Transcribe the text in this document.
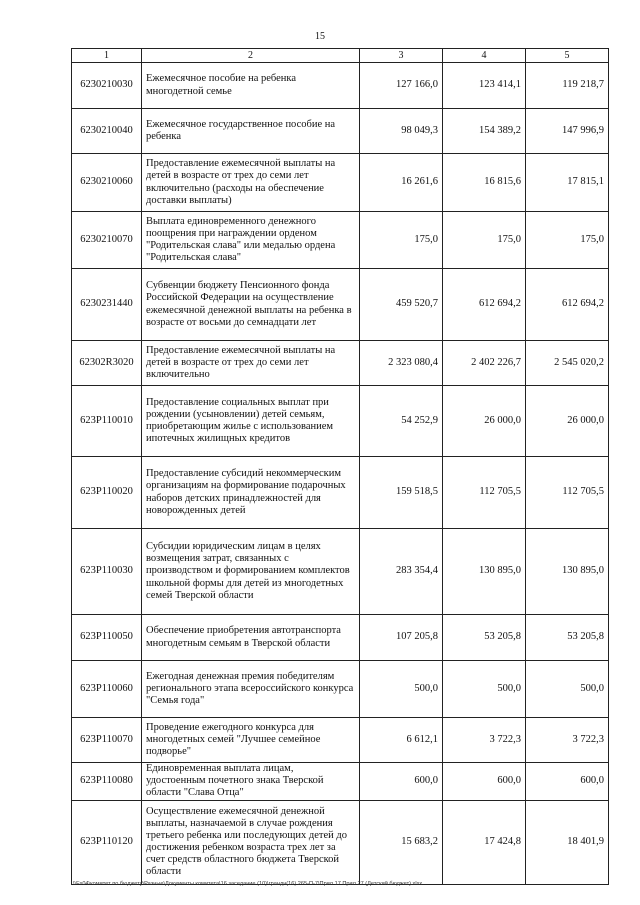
15
1	2	3	4	5
6230210030	Ежемесячное пособие на ребенка многодетной семье	127 166,0	123 414,1	119 218,7
6230210040	Ежемесячное государственное пособие на ребенка	98 049,3	154 389,2	147 996,9
6230210060	Предоставление ежемесячной выплаты на детей в возрасте от трех до семи лет включительно (расходы на обеспечение доставки выплаты)	16 261,6	16 815,6	17 815,1
6230210070	Выплата единовременного денежного поощрения при награждении орденом "Родительская слава" или медалью ордена "Родительская слава"	175,0	175,0	175,0
6230231440	Субвенции бюджету Пенсионного фонда Российской Федерации на осуществление ежемесячной денежной выплаты на ребенка в возрасте от восьми до семнадцати лет	459 520,7	612 694,2	612 694,2
62302R3020	Предоставление ежемесячной выплаты на детей в возрасте от трех до семи лет включительно	2 323 080,4	2 402 226,7	2 545 020,2
623P110010	Предоставление социальных выплат при рождении (усыновлении) детей семьям, приобретающим жилье с использованием ипотечных жилищных кредитов	54 252,9	26 000,0	26 000,0
623P110020	Предоставление субсидий некоммерческим организациям на формирование подарочных наборов детских принадлежностей для новорожденных детей	159 518,5	112 705,5	112 705,5
623P110030	Субсидии юридическим лицам в целях возмещения затрат, связанных с производством и формированием комплектов школьной формы для детей из многодетных семей Тверской области	283 354,4	130 895,0	130 895,0
623P110050	Обеспечение приобретения автотранспорта многодетным семьям в Тверской области	107 205,8	53 205,8	53 205,8
623P110060	Ежегодная денежная премия победителям регионального этапа всероссийского конкурса "Семья года"	500,0	500,0	500,0
623P110070	Проведение ежегодного конкурса для многодетных семей "Лучшее семейное подворье"	6 612,1	3 722,3	3 722,3
623P110080	Единовременная выплата лицам, удостоенным почетного знака Тверской области "Слава Отца"	600,0	600,0	600,0
623P110120	Осуществление ежемесячной денежной выплаты, назначаемой в случае рождения третьего ребенка или последующих детей до достижения ребенком возраста трех лет за счет средств областного бюджета Тверской области	15 683,2	17 424,8	18 401,9
\\Fs04\комитет по бюджету\Разные\Документы комитета\16 заседание (10)\грандн(16) 265-П-7\Прил 17 Прил 27 (Детский бюджет).xlsx
